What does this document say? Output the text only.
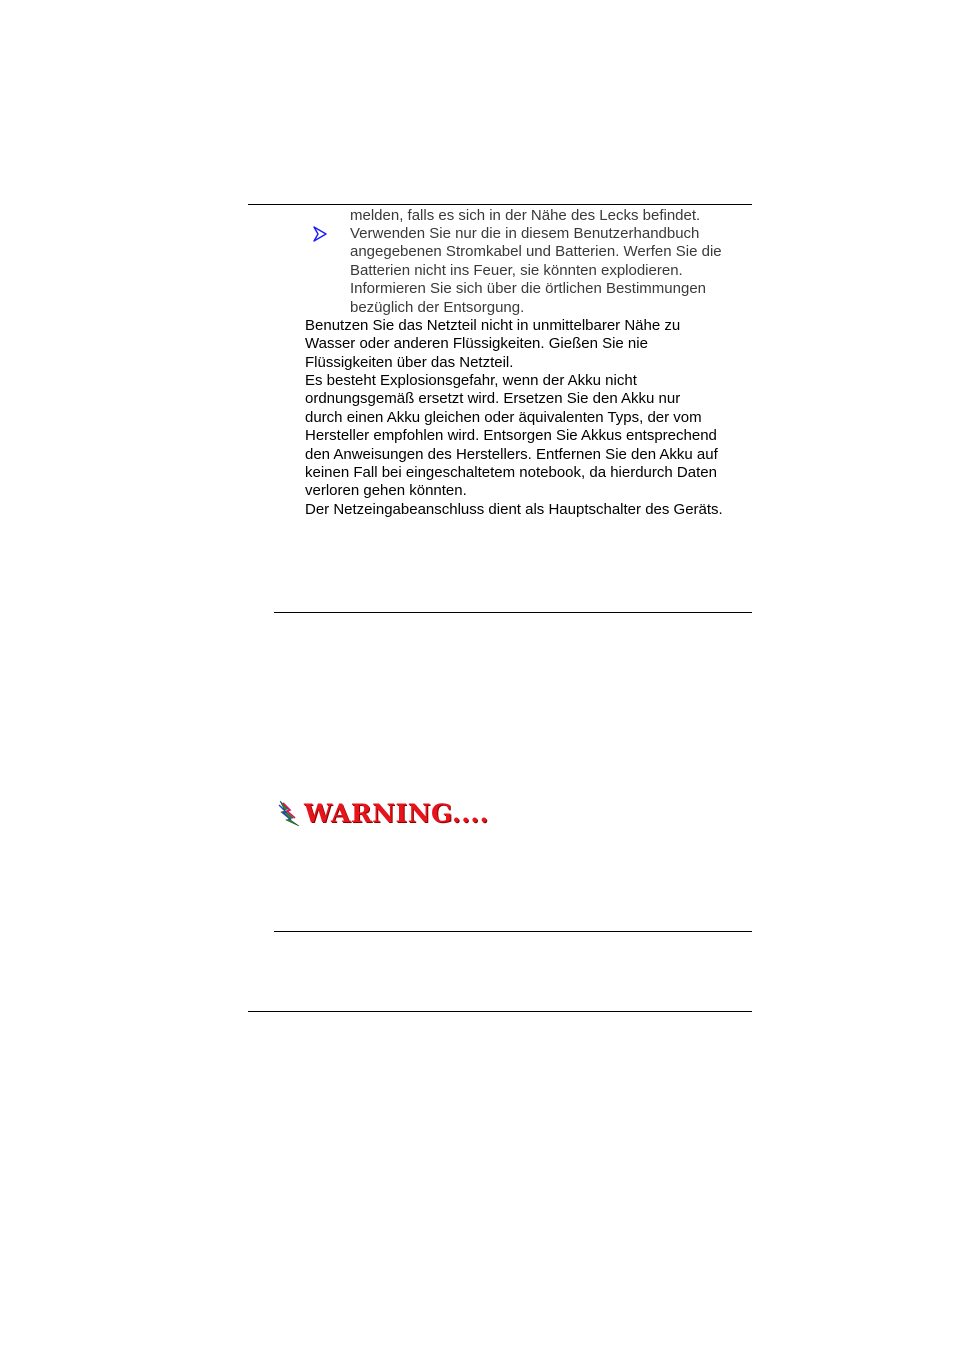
melden, falls es sich in der Nähe des Lecks befindet.

Verwenden Sie nur die in diesem Benutzerhandbuch
angegebenen Stromkabel und Batterien. Werfen Sie die
Batterien nicht ins Feuer, sie könnten explodieren.
Informieren Sie sich über die örtlichen Bestimmungen
bezüglich der Entsorgung.

Benutzen Sie das Netzteil nicht in unmittelbarer Nähe zu
Wasser oder anderen Flüssigkeiten. Gießen Sie nie
Flüssigkeiten über das Netzteil.

Es besteht Explosionsgefahr, wenn der Akku nicht
ordnungsgemäß ersetzt wird. Ersetzen Sie den Akku nur
durch einen Akku gleichen oder äquivalenten Typs, der vom
Hersteller empfohlen wird. Entsorgen Sie Akkus entsprechend
den Anweisungen des Herstellers. Entfernen Sie den Akku auf
keinen Fall bei eingeschaltetem notebook, da hierdurch Daten
verloren gehen könnten.

Der Netzeingabeanschluss dient als Hauptschalter des Geräts.

WARNING....
